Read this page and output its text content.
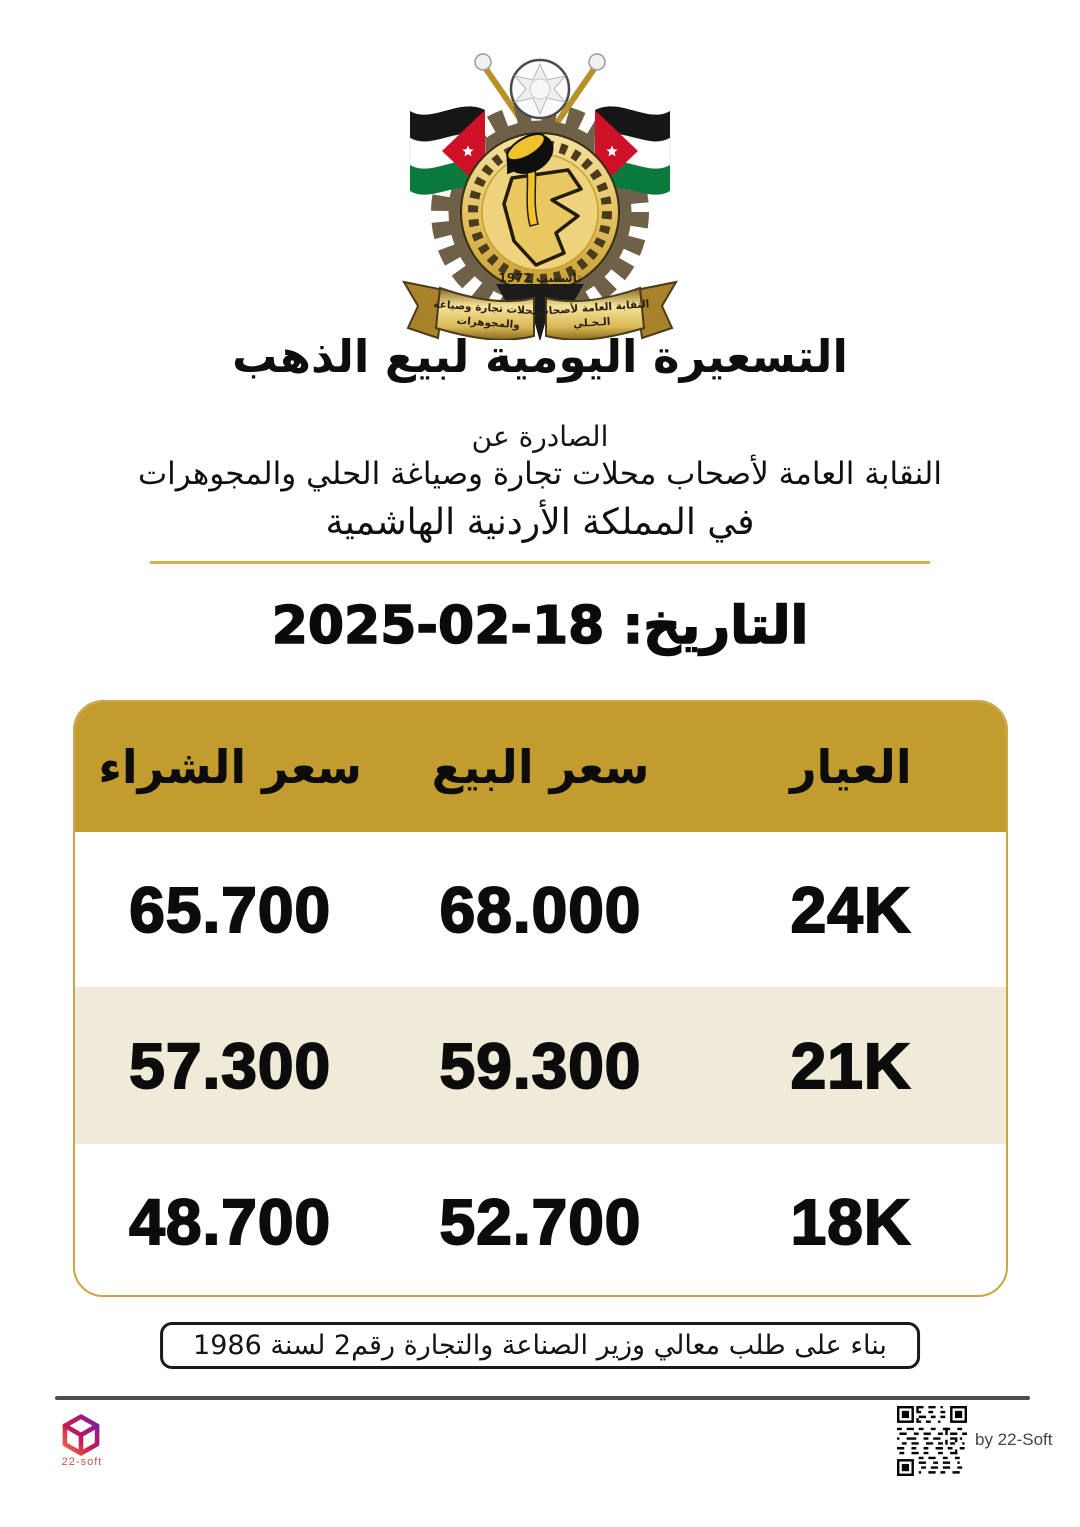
تأسست 1972
النقابة العامة لأصحاب
الـحـلي
محلات تجارة وصياغة
والمجوهرات
التسعيرة اليومية لبيع الذهب
الصادرة عن
النقابة العامة لأصحاب محلات تجارة وصياغة الحلي والمجوهرات
في المملكة الأردنية الهاشمية
التاريخ: 18-02-2025
العيار
سعر البيع
سعر الشراء
24K
68.000
65.700
21K
59.300
57.300
18K
52.700
48.700
بناء على طلب معالي وزير الصناعة والتجارة رقم2 لسنة 1986
22-soft
by 22-Soft
